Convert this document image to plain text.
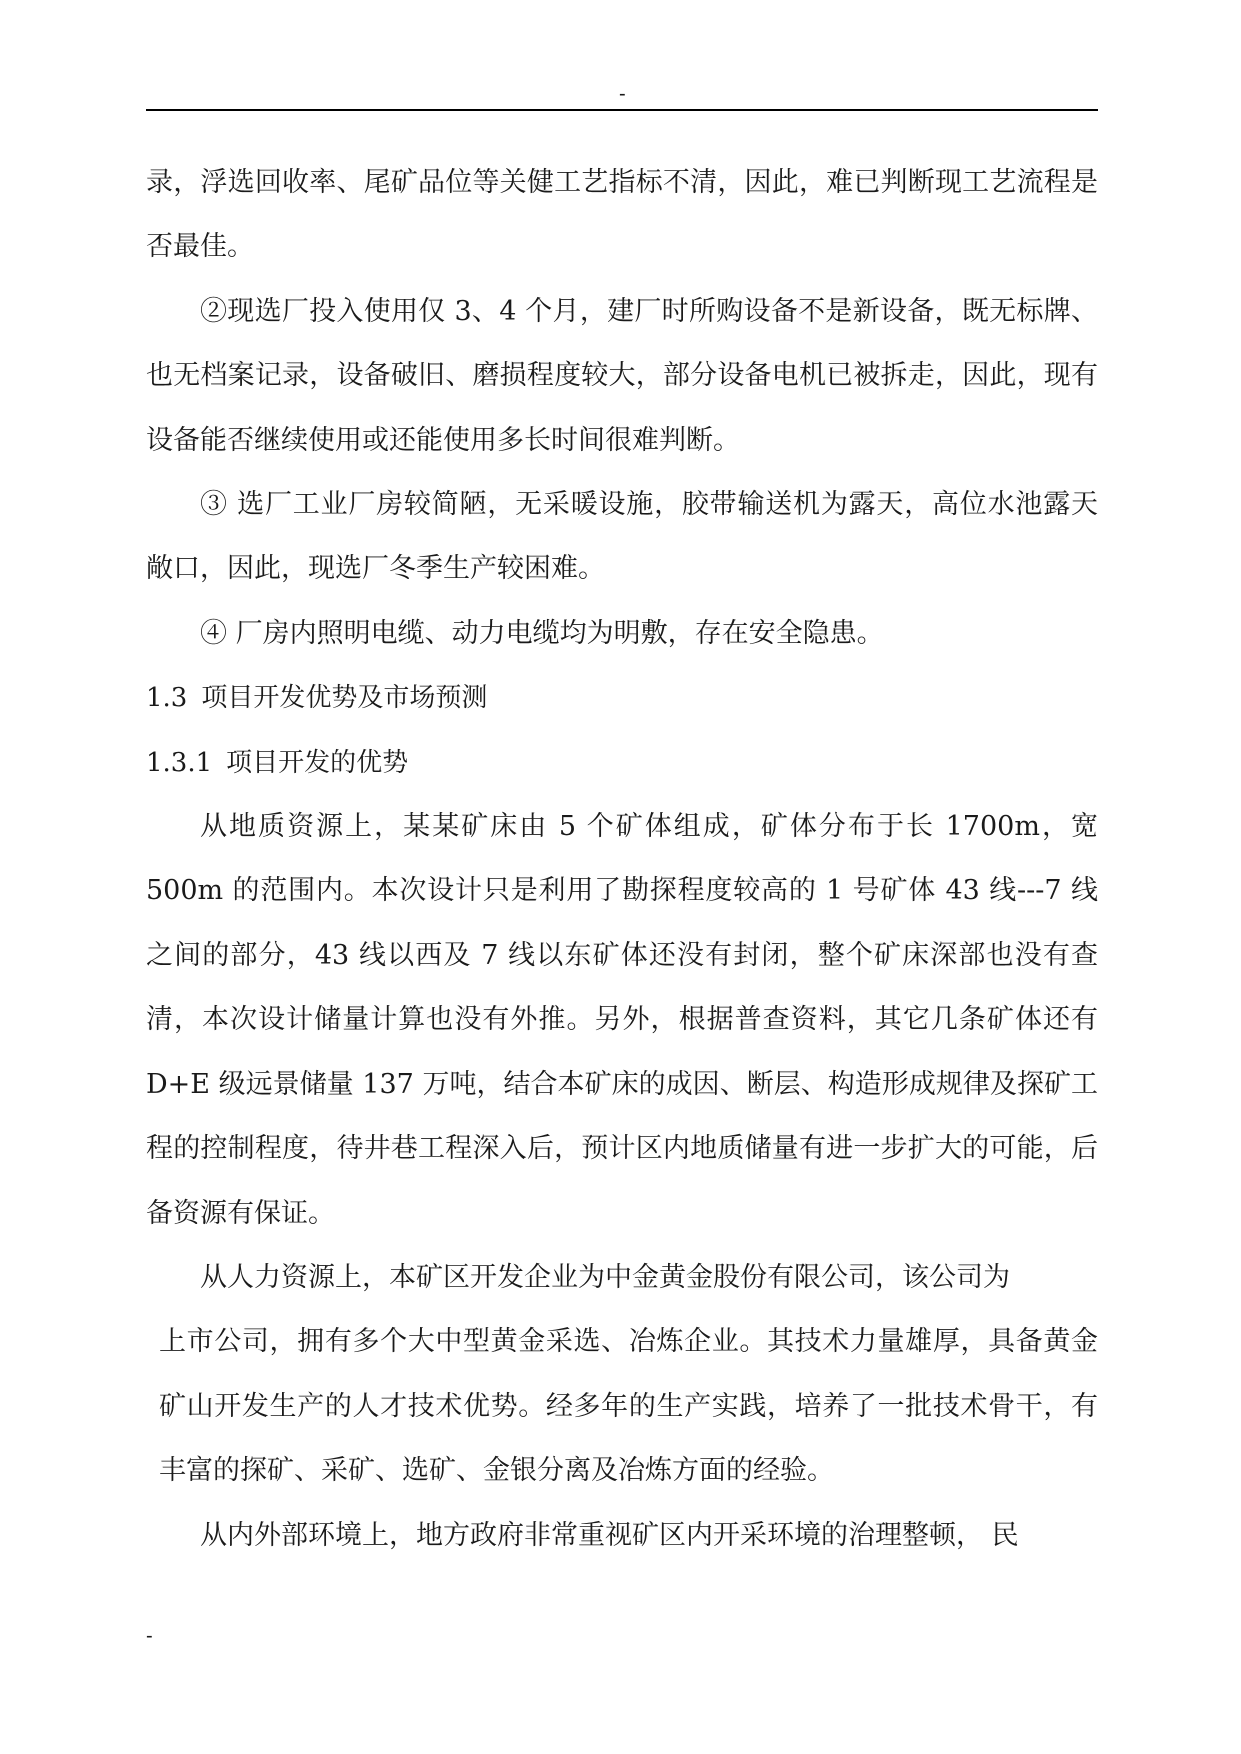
-

录，浮选回收率、尾矿品位等关健工艺指标不清，因此，难已判断现工艺流程是否最佳。

②现选厂投入使用仅 3、4 个月，建厂时所购设备不是新设备，既无标牌、也无档案记录，设备破旧、磨损程度较大，部分设备电机已被拆走，因此，现有设备能否继续使用或还能使用多长时间很难判断。

③ 选厂工业厂房较简陋，无采暖设施，胶带输送机为露天，高位水池露天敞口，因此，现选厂冬季生产较困难。

④ 厂房内照明电缆、动力电缆均为明敷，存在安全隐患。

1.3 项目开发优势及市场预测
1.3.1 项目开发的优势

从地质资源上，某某矿床由 5 个矿体组成，矿体分布于长 1700m，宽 500m 的范围内。本次设计只是利用了勘探程度较高的 1 号矿体 43 线---7 线之间的部分，43 线以西及 7 线以东矿体还没有封闭，整个矿床深部也没有查清，本次设计储量计算也没有外推。另外，根据普查资料，其它几条矿体还有 D+E 级远景储量 137 万吨，结合本矿床的成因、断层、构造形成规律及探矿工程的控制程度，待井巷工程深入后，预计区内地质储量有进一步扩大的可能，后备资源有保证。

从人力资源上，本矿区开发企业为中金黄金股份有限公司，该公司为

上市公司，拥有多个大中型黄金采选、冶炼企业。其技术力量雄厚，具备黄金矿山开发生产的人才技术优势。经多年的生产实践，培养了一批技术骨干，有丰富的探矿、采矿、选矿、金银分离及冶炼方面的经验。

从内外部环境上，地方政府非常重视矿区内开采环境的治理整顿， 民

-
